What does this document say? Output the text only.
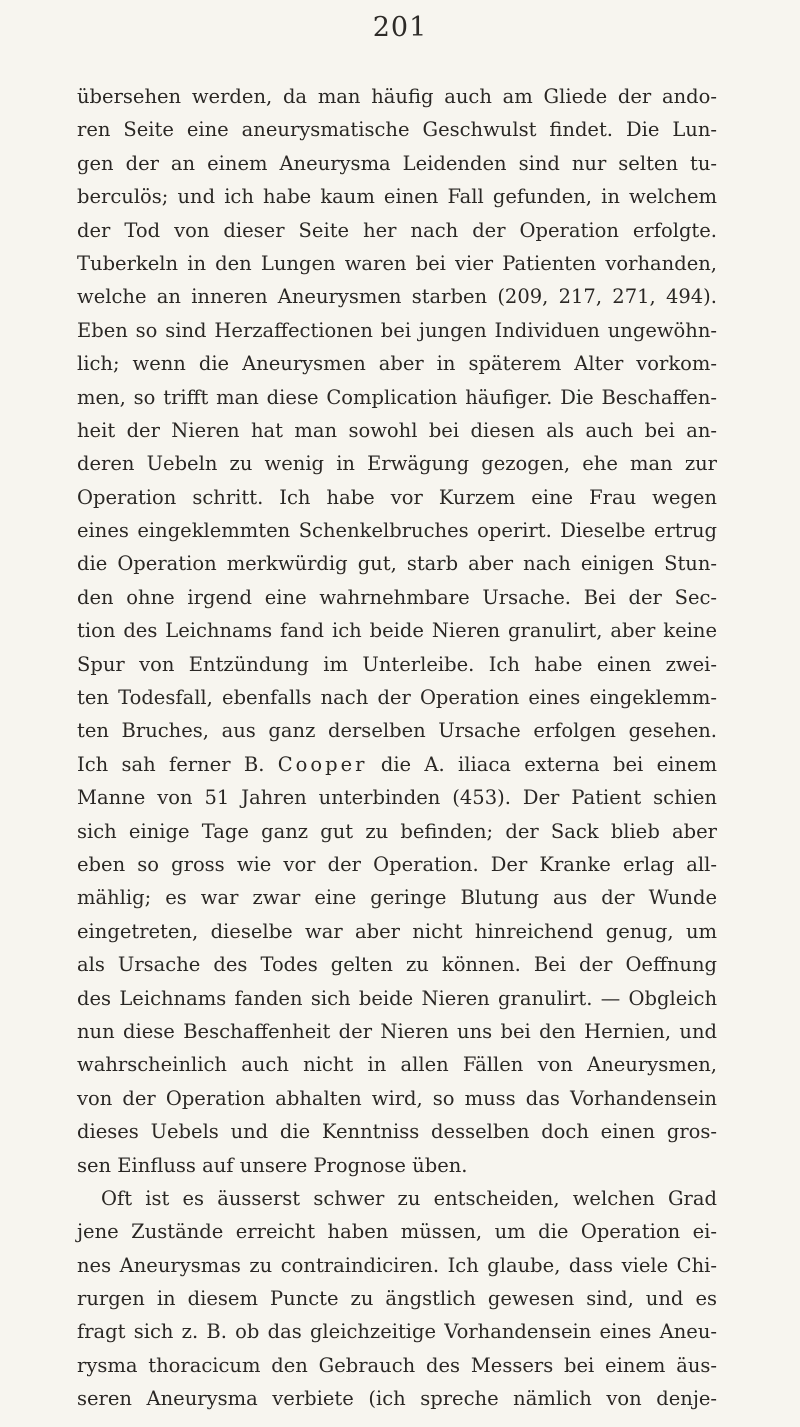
201
übersehen werden, da man häufig auch am Gliede der ando-
ren Seite eine aneurysmatische Geschwulst findet. Die Lun-
gen der an einem Aneurysma Leidenden sind nur selten tu-
berculös; und ich habe kaum einen Fall gefunden, in welchem
der Tod von dieser Seite her nach der Operation erfolgte.
Tuberkeln in den Lungen waren bei vier Patienten vorhanden,
welche an inneren Aneurysmen starben (209, 217, 271, 494).
Eben so sind Herzaffectionen bei jungen Individuen ungewöhn-
lich; wenn die Aneurysmen aber in späterem Alter vorkom-
men, so trifft man diese Complication häufiger. Die Beschaffen-
heit der Nieren hat man sowohl bei diesen als auch bei an-
deren Uebeln zu wenig in Erwägung gezogen, ehe man zur
Operation schritt. Ich habe vor Kurzem eine Frau wegen
eines eingeklemmten Schenkelbruches operirt. Dieselbe ertrug
die Operation merkwürdig gut, starb aber nach einigen Stun-
den ohne irgend eine wahrnehmbare Ursache. Bei der Sec-
tion des Leichnams fand ich beide Nieren granulirt, aber keine
Spur von Entzündung im Unterleibe. Ich habe einen zwei-
ten Todesfall, ebenfalls nach der Operation eines eingeklemm-
ten Bruches, aus ganz derselben Ursache erfolgen gesehen.
Ich sah ferner B. Cooper die A. iliaca externa bei einem
Manne von 51 Jahren unterbinden (453). Der Patient schien
sich einige Tage ganz gut zu befinden; der Sack blieb aber
eben so gross wie vor der Operation. Der Kranke erlag all-
mählig; es war zwar eine geringe Blutung aus der Wunde
eingetreten, dieselbe war aber nicht hinreichend genug, um
als Ursache des Todes gelten zu können. Bei der Oeffnung
des Leichnams fanden sich beide Nieren granulirt. — Obgleich
nun diese Beschaffenheit der Nieren uns bei den Hernien, und
wahrscheinlich auch nicht in allen Fällen von Aneurysmen,
von der Operation abhalten wird, so muss das Vorhandensein
dieses Uebels und die Kenntniss desselben doch einen gros-
sen Einfluss auf unsere Prognose üben.
Oft ist es äusserst schwer zu entscheiden, welchen Grad
jene Zustände erreicht haben müssen, um die Operation ei-
nes Aneurysmas zu contraindiciren. Ich glaube, dass viele Chi-
rurgen in diesem Puncte zu ängstlich gewesen sind, und es
fragt sich z. B. ob das gleichzeitige Vorhandensein eines Aneu-
rysma thoracicum den Gebrauch des Messers bei einem äus-
seren Aneurysma verbiete (ich spreche nämlich von denje-
